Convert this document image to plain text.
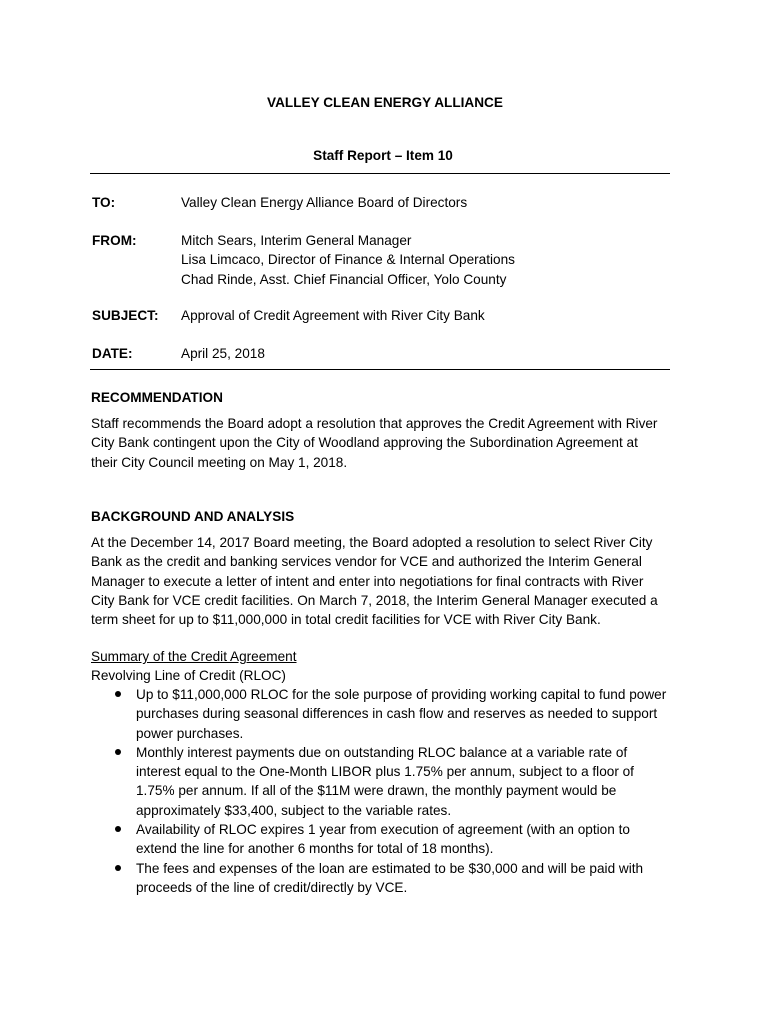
VALLEY CLEAN ENERGY ALLIANCE
Staff Report – Item 10
TO:	Valley Clean Energy Alliance Board of Directors
FROM:	Mitch Sears, Interim General Manager
Lisa Limcaco, Director of Finance & Internal Operations
Chad Rinde, Asst. Chief Financial Officer, Yolo County
SUBJECT: Approval of Credit Agreement with River City Bank
DATE:	April 25, 2018
RECOMMENDATION
Staff recommends the Board adopt a resolution that approves the Credit Agreement with River
City Bank contingent upon the City of Woodland approving the Subordination Agreement at
their City Council meeting on May 1, 2018.
BACKGROUND AND ANALYSIS
At the December 14, 2017 Board meeting, the Board adopted a resolution to select River City
Bank as the credit and banking services vendor for VCE and authorized the Interim General
Manager to execute a letter of intent and enter into negotiations for final contracts with River
City Bank for VCE credit facilities. On March 7, 2018, the Interim General Manager executed a
term sheet for up to $11,000,000 in total credit facilities for VCE with River City Bank.
Summary of the Credit Agreement
Revolving Line of Credit (RLOC)
Up to $11,000,000 RLOC for the sole purpose of providing working capital to fund power
purchases during seasonal differences in cash flow and reserves as needed to support
power purchases.
Monthly interest payments due on outstanding RLOC balance at a variable rate of
interest equal to the One-Month LIBOR plus 1.75% per annum, subject to a floor of
1.75% per annum. If all of the $11M were drawn, the monthly payment would be
approximately $33,400, subject to the variable rates.
Availability of RLOC expires 1 year from execution of agreement (with an option to
extend the line for another 6 months for total of 18 months).
The fees and expenses of the loan are estimated to be $30,000 and will be paid with
proceeds of the line of credit/directly by VCE.
